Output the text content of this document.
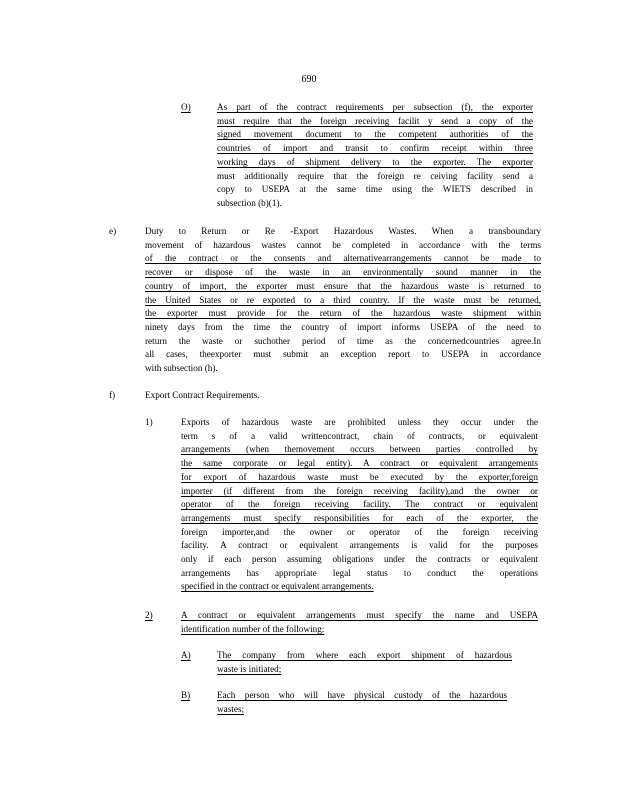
690
O)	As part of the contract requirements per subsection (f), the exporter
must require that the foreign receiving facilit y send a copy of the
signed movement document to the competent authorities of the
countries of import and transit to confirm receipt within three
working days of shipment delivery to the exporter. The exporter
must additionally require that the foreign re ceiving facility send a
copy to USEPA at the same time using the WIETS described in
subsection (b)(1).
e)	Duty to Return or Re -Export Hazardous Wastes. When a transboundary
movement of hazardous wastes cannot be completed in accordance with the terms
of the contract or the consents and alternativearrangements cannot be made to
recover or dispose of the waste in an environmentally sound manner in the
country of import, the exporter must ensure that the hazardous waste is returned to
the United States or re exported to a third country. If the waste must be returned,
the exporter must provide for the return of the hazardous waste shipment within
ninety days from the time the country of import informs USEPA of the need to
return the waste or suchother period of time as the concernedcountries agree.In
all cases, theexporter must submit an exception report to USEPA in accordance
with subsection (h).
f)	Export Contract Requirements.
1)	Exports of hazardous waste are prohibited unless they occur under the
term s of a valid writtencontract, chain of contracts, or equivalent
arrangements (when themovement occurs between parties controlled by
the same corporate or legal entity). A contract or equivalent arrangements
for export of hazardous waste must be executed by the exporter,foreign
importer (if different from the foreign receiving facility),and the owner or
operator of the foreign receiving facility. The contract or equivalent
arrangements must specify responsibilities for each of the exporter, the
foreign importer,and the owner or operator of the foreign receiving
facility. A contract or equivalent arrangements is valid for the purposes
only if each person assuming obligations under the contracts or equivalent
arrangements has appropriate legal status to conduct the operations
specified in the contract or equivalent arrangements.
2)	A contract or equivalent arrangements must specify the name and USEPA
identification number of the following:
A)	The company from where each export shipment of hazardous
waste is initiated;
B)	Each person who will have physical custody of the hazardous
wastes;
